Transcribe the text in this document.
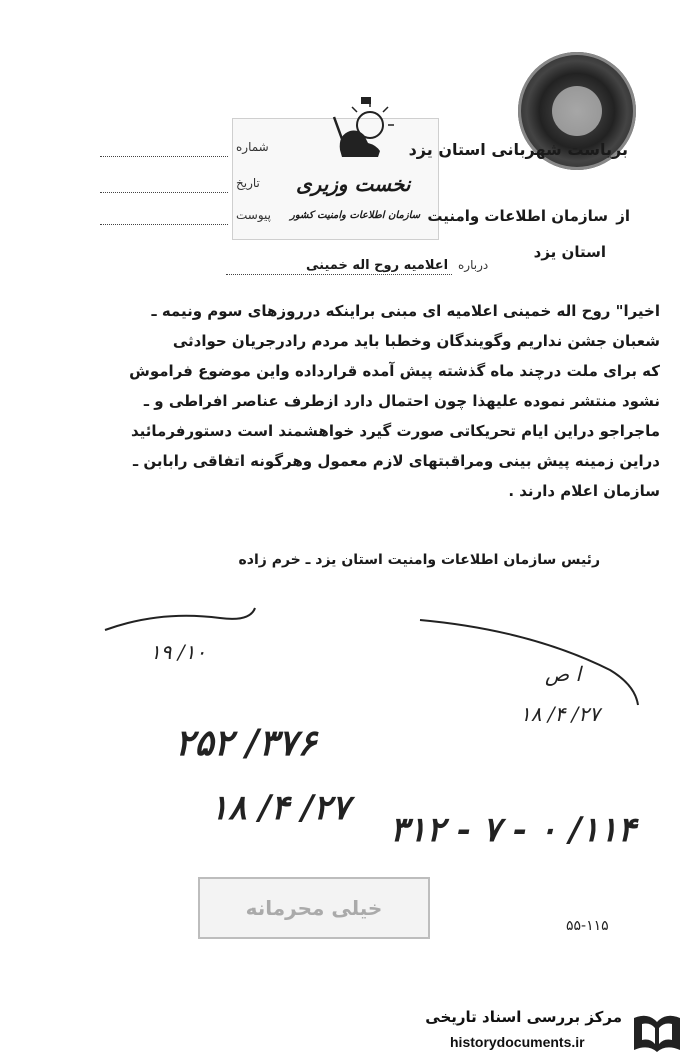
بریاست شهربانی استان یزد
شماره
تاریخ
پیوست
نخست وزیری
از
سازمان اطلاعات وامنیت
سازمان اطلاعات وامنیت کشور
استان یزد
درباره
اعلامیه روح اله خمینی

اخیرا" روح اله خمینی اعلامیه ای مبنی براینکه درروزهای سوم ونیمه ـ

شعبان جشن نداریم وگویندگان وخطبا باید مردم رادرجریان حوادثی

که برای ملت درچند ماه گذشته پیش آمده قرارداده واین موضوع فراموش

نشود منتشر نموده علیهذا چون احتمال دارد ازطرف عناصر افراطی و ـ

ماجراجو دراین ایام تحریکاتی صورت گیرد خواهشمند است دستورفرمائید

دراین زمینه پیش بینی ومراقبتهای لازم معمول وهرگونه اتفاقی رابابن ـ

سازمان اعلام دارند .

رئیس سازمان اطلاعات وامنیت استان یزد ـ خرم زاده
۱۹ /۱۰
ا ص
۱۸ /۴ /۲۷
۲۵۲ /۳۷۶
۱۸ /۴ /۲۷
۳۱۲ - ۷ - ۰ /۱۱۴
خیلی محرمانه
۵۵-۱۱۵
مرکز بررسی اسناد تاریخی
historydocuments.ir
